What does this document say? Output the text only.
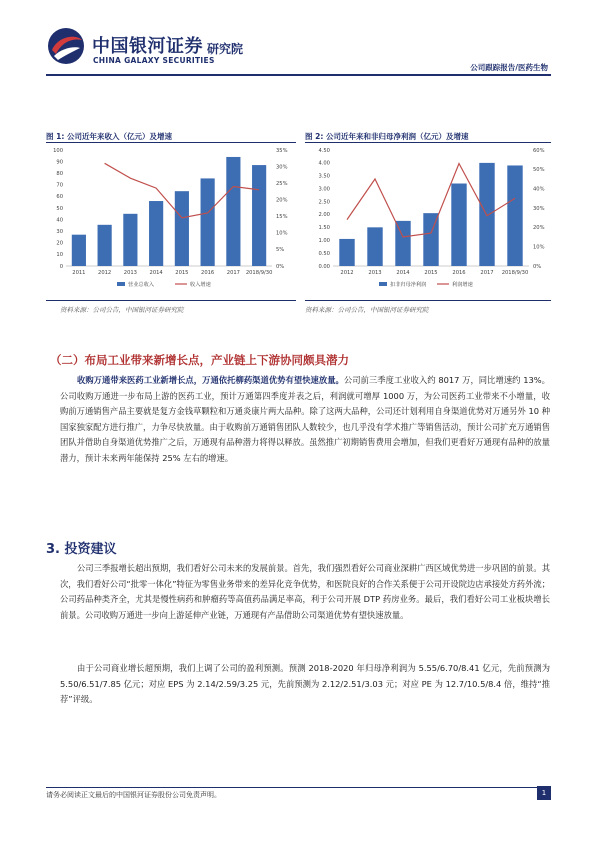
中国银河证券
CHINA GALAXY SECURITIES
研究院
公司跟踪报告/医药生物
图 1: 公司近年来收入（亿元）及增速	图 2: 公司近年来和非归母净利润（亿元）及增速
0
10
20
30
40
50
60
70
80
90
100
0%
5%
10%
15%
20%
25%
30%
35%
2011 2012 2013 2014 2015 2016 2017 2018/9/30
营业总收入	收入增速
0.00
0.50
1.00
1.50
2.00
2.50
3.00
3.50
4.00
4.50
0%
10%
20%
30%
40%
50%
60%
2012	2013	2014	2015	2016	2017 2018/9/30
扣非归母净利润	利润增速
资料来源：公司公告，中国银河证券研究院	资料来源：公司公告，中国银河证券研究院
（二）布局工业带来新增长点，产业链上下游协同颇具潜力
收购万通带来医药工业新增长点，万通依托柳药渠道优势有望快速放量。公司前三季度工业收入约 8017 万，同比增速约 13%。公司收购万通进一步布局上游的医药工业，预计万通第四季度并表之后，利润就可增厚 1000 万，为公司医药工业带来不小增量，收购前万通销售产品主要就是复方金钱草颗粒和万通炎康片两大品种。除了这两大品种，公司还计划利用自身渠道优势对万通另外 10 种国家独家配方进行推广，力争尽快放量。由于收购前万通销售团队人数较少，也几乎没有学术推广等销售活动，预计公司扩充万通销售团队并借助自身渠道优势推广之后，万通现有品种潜力将得以释放。虽然推广初期销售费用会增加，但我们更看好万通现有品种的放量潜力，预计未来两年能保持 25% 左右的增速。
3. 投资建议
公司三季报增长超出预期，我们看好公司未来的发展前景。首先，我们强烈看好公司商业深耕广西区域优势进一步巩固的前景。其次，我们看好公司“批零一体化”特征为零售业务带来的差异化竞争优势，和医院良好的合作关系便于公司开设院边店承接处方药外流；公司药品种类齐全，尤其是慢性病药和肿瘤药等高值药品满足率高，利于公司开展 DTP 药房业务。最后，我们看好公司工业板块增长前景。公司收购万通进一步向上游延伸产业链，万通现有产品借助公司渠道优势有望快速放量。
由于公司商业增长超预期，我们上调了公司的盈利预测。预测 2018-2020 年归母净利润为 5.55/6.70/8.41 亿元，先前预测为 5.50/6.51/7.85 亿元；对应 EPS 为 2.14/2.59/3.25 元，先前预测为 2.12/2.51/3.03 元；对应 PE 为 12.7/10.5/8.4 倍，维持“推荐”评级。
请务必阅读正文最后的中国银河证券股份公司免责声明。	1
